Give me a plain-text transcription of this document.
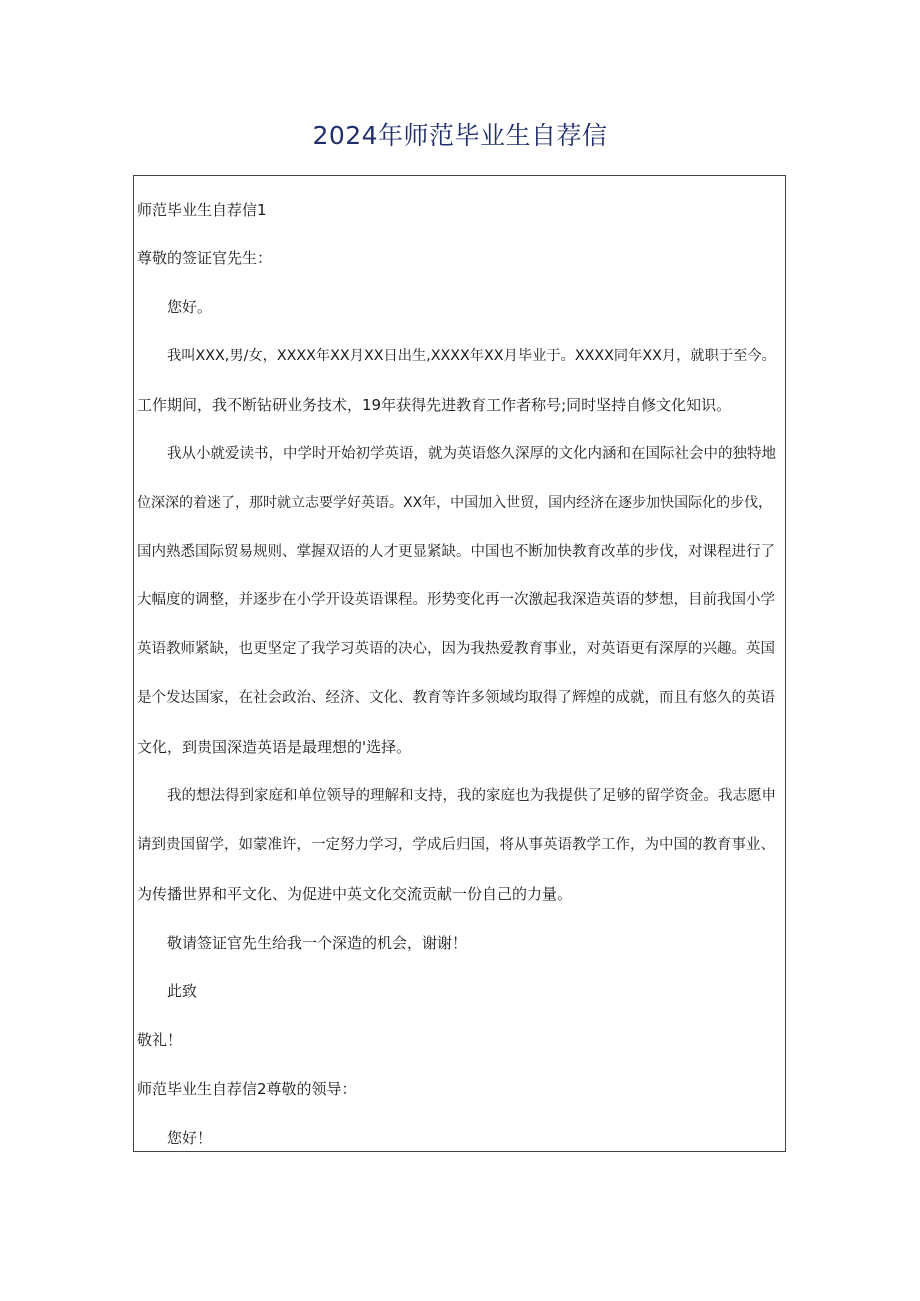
2024年师范毕业生自荐信
师范毕业生自荐信1
尊敬的签证官先生：
您好。
我叫XXX,男/女，XXXX年XX月XX日出生,XXXX年XX月毕业于。XXXX同年XX月，就职于至今。
工作期间，我不断钻研业务技术，19年获得先进教育工作者称号;同时坚持自修文化知识。
我从小就爱读书，中学时开始初学英语，就为英语悠久深厚的文化内涵和在国际社会中的独特地
位深深的着迷了，那时就立志要学好英语。XX年，中国加入世贸，国内经济在逐步加快国际化的步伐，
国内熟悉国际贸易规则、掌握双语的人才更显紧缺。中国也不断加快教育改革的步伐，对课程进行了
大幅度的调整，并逐步在小学开设英语课程。形势变化再一次激起我深造英语的梦想，目前我国小学
英语教师紧缺，也更坚定了我学习英语的决心，因为我热爱教育事业，对英语更有深厚的兴趣。英国
是个发达国家，在社会政治、经济、文化、教育等许多领域均取得了辉煌的成就，而且有悠久的英语
文化，到贵国深造英语是最理想的'选择。
我的想法得到家庭和单位领导的理解和支持，我的家庭也为我提供了足够的留学资金。我志愿申
请到贵国留学，如蒙准许，一定努力学习，学成后归国，将从事英语教学工作，为中国的教育事业、
为传播世界和平文化、为促进中英文化交流贡献一份自己的力量。
敬请签证官先生给我一个深造的机会，谢谢！
此致
敬礼！
师范毕业生自荐信2尊敬的领导：
您好！
